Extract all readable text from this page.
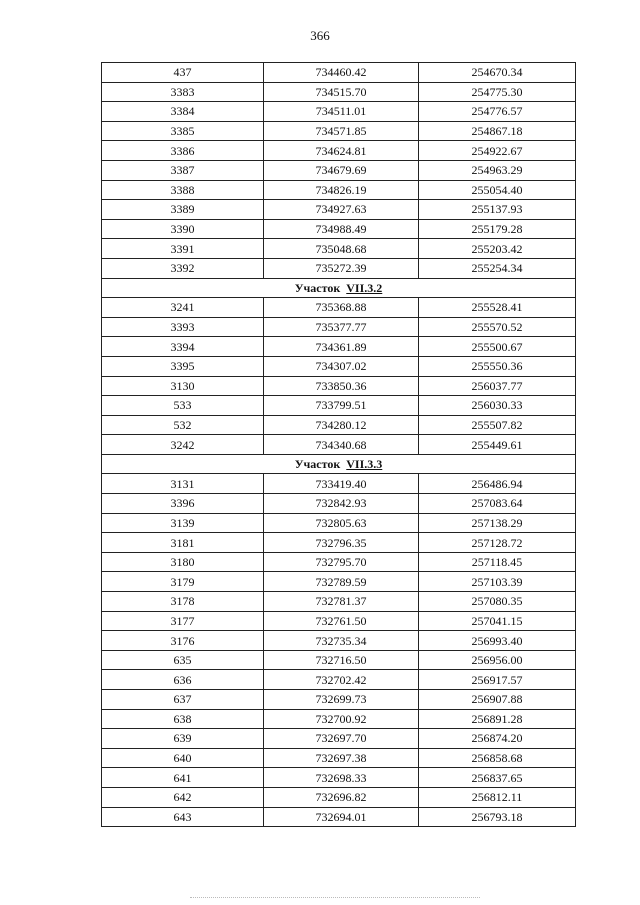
366
437	734460.42	254670.34
3383	734515.70	254775.30
3384	734511.01	254776.57
3385	734571.85	254867.18
3386	734624.81	254922.67
3387	734679.69	254963.29
3388	734826.19	255054.40
3389	734927.63	255137.93
3390	734988.49	255179.28
3391	735048.68	255203.42
3392	735272.39	255254.34
Участок VII.3.2		
3241	735368.88	255528.41
3393	735377.77	255570.52
3394	734361.89	255500.67
3395	734307.02	255550.36
3130	733850.36	256037.77
533	733799.51	256030.33
532	734280.12	255507.82
3242	734340.68	255449.61
Участок VII.3.3		
3131	733419.40	256486.94
3396	732842.93	257083.64
3139	732805.63	257138.29
3181	732796.35	257128.72
3180	732795.70	257118.45
3179	732789.59	257103.39
3178	732781.37	257080.35
3177	732761.50	257041.15
3176	732735.34	256993.40
635	732716.50	256956.00
636	732702.42	256917.57
637	732699.73	256907.88
638	732700.92	256891.28
639	732697.70	256874.20
640	732697.38	256858.68
641	732698.33	256837.65
642	732696.82	256812.11
643	732694.01	256793.18
